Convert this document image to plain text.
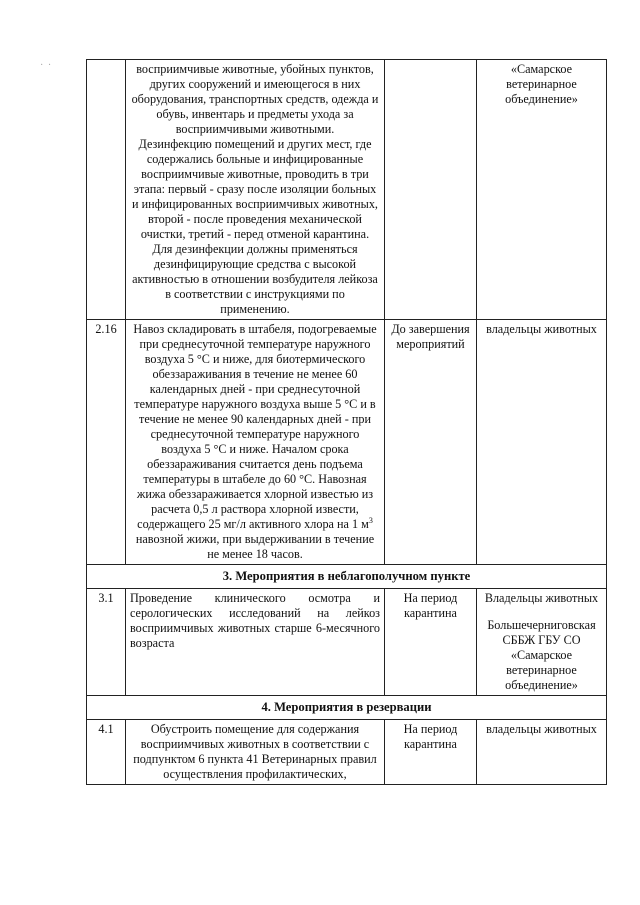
· ·

	восприимчивые животные, убойных пунктов, других сооружений и имеющегося в них оборудования, транспортных средств, одежда и обувь, инвентарь и предметы ухода за восприимчивыми животными.
Дезинфекцию помещений и других мест, где содержались больные и инфицированные восприимчивые животные, проводить в три этапа: первый - сразу после изоляции больных и инфицированных восприимчивых животных, второй - после проведения механической очистки, третий - перед отменой карантина.
Для дезинфекции должны применяться дезинфицирующие средства с высокой активностью в отношении возбудителя лейкоза в соответствии с инструкциями по применению.		«Самарское ветеринарное объединение»
2.16	Навоз складировать в штабеля, подогреваемые при среднесуточной температуре наружного воздуха 5 °С и ниже, для биотермического обеззараживания в течение не менее 60 календарных дней - при среднесуточной температуре наружного воздуха выше 5 °С и в течение не менее 90 календарных дней - при среднесуточной температуре наружного воздуха 5 °С и ниже. Началом срока обеззараживания считается день подъема температуры в штабеле до 60 °С. Навозная жижа обеззараживается хлорной известью из расчета 0,5 л раствора хлорной извести, содержащего 25 мг/л активного хлора на 1 $м^3$ навозной жижи, при выдерживании в течение не менее 18 часов.	До завершения мероприятий	владельцы животных
3. Мероприятия в неблагополучном пункте			
3.1	Проведение клинического осмотра и серологических исследований на лейкоз восприимчивых животных старше 6-месячного возраста	На период карантина	Владельцы животных
Большечерниговская СББЖ ГБУ СО «Самарское ветеринарное объединение»

4. Мероприятия в резервации			
4.1	Обустроить помещение для содержания восприимчивых животных в соответствии с подпунктом 6 пункта 41 Ветеринарных правил осуществления профилактических,	На период карантина	владельцы животных
